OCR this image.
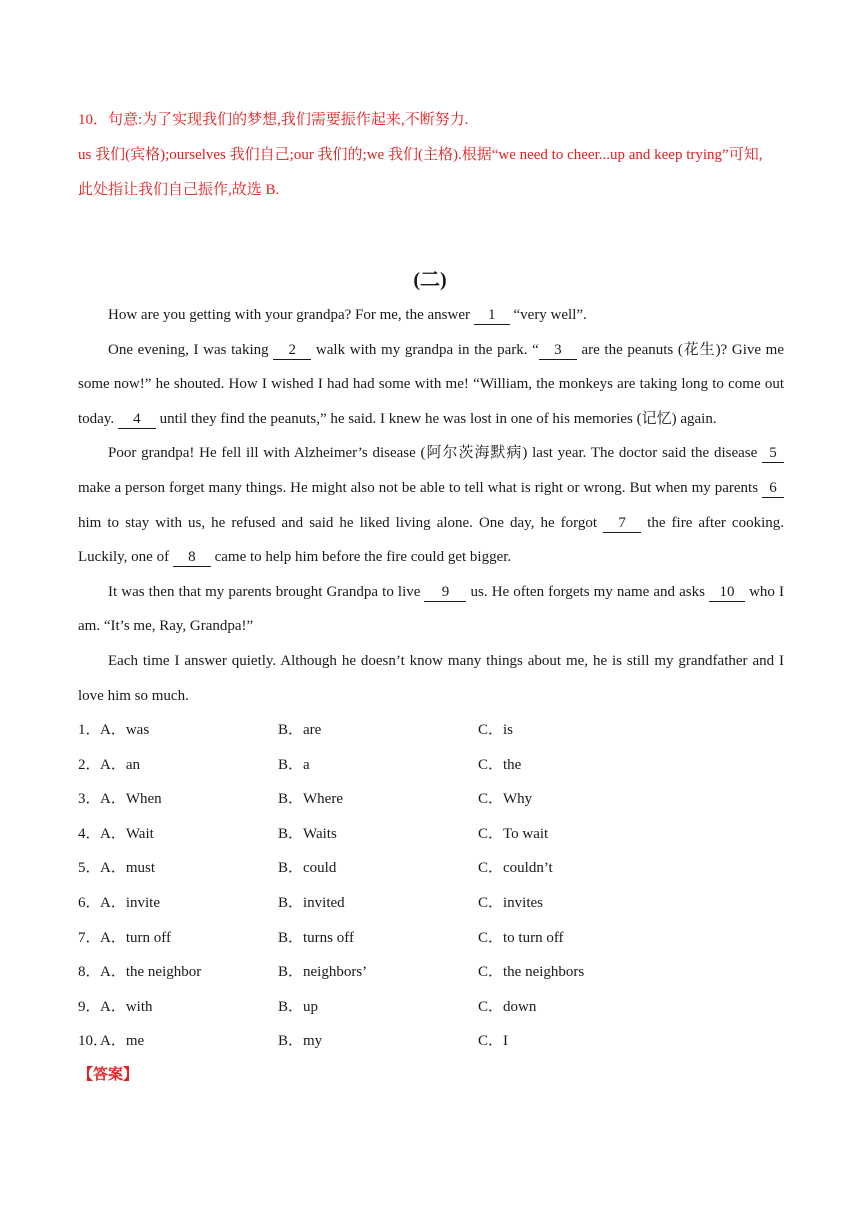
10．句意:为了实现我们的梦想,我们需要振作起来,不断努力.
us 我们(宾格);ourselves 我们自己;our 我们的;we 我们(主格).根据“we need to cheer...up and keep trying”可知,
此处指让我们自己振作,故选 B.
(二)

How are you getting with your grandpa? For me, the answer 1 “very well”.

One evening, I was taking 2 walk with my grandpa in the park. “ 3 are the peanuts (花生)? Give me some now!” he shouted. How I wished I had had some with me! “William, the monkeys are taking long to come out today. 4 until they find the peanuts,” he said. I knew he was lost in one of his memories (记忆) again.

Poor grandpa! He fell ill with Alzheimer’s disease (阿尔茨海默病) last year. The doctor said the disease 5 make a person forget many things. He might also not be able to tell what is right or wrong. But when my parents 6 him to stay with us, he refused and said he liked living alone. One day, he forgot 7 the fire after cooking. Luckily, one of 8 came to help him before the fire could get bigger.

It was then that my parents brought Grandpa to live 9 us. He often forgets my name and asks 10 who I am. “It’s me, Ray, Grandpa!”

Each time I answer quietly. Although he doesn’t know many things about me, he is still my grandfather and I love him so much.

1． A．was	B．are	C．is
2． A．an	B．a	C．the
3． A．When	B．Where	C．Why
4． A．Wait	B．Waits	C．To wait
5． A．must	B．could	C．couldn’t
6． A．invite	B．invited	C．invites
7． A．turn off	B．turns off	C．to turn off
8． A．the neighbor	B．neighbors’	C．the neighbors
9． A．with	B．up	C．down
10．
A．me	B．my	C．I
【答案】
